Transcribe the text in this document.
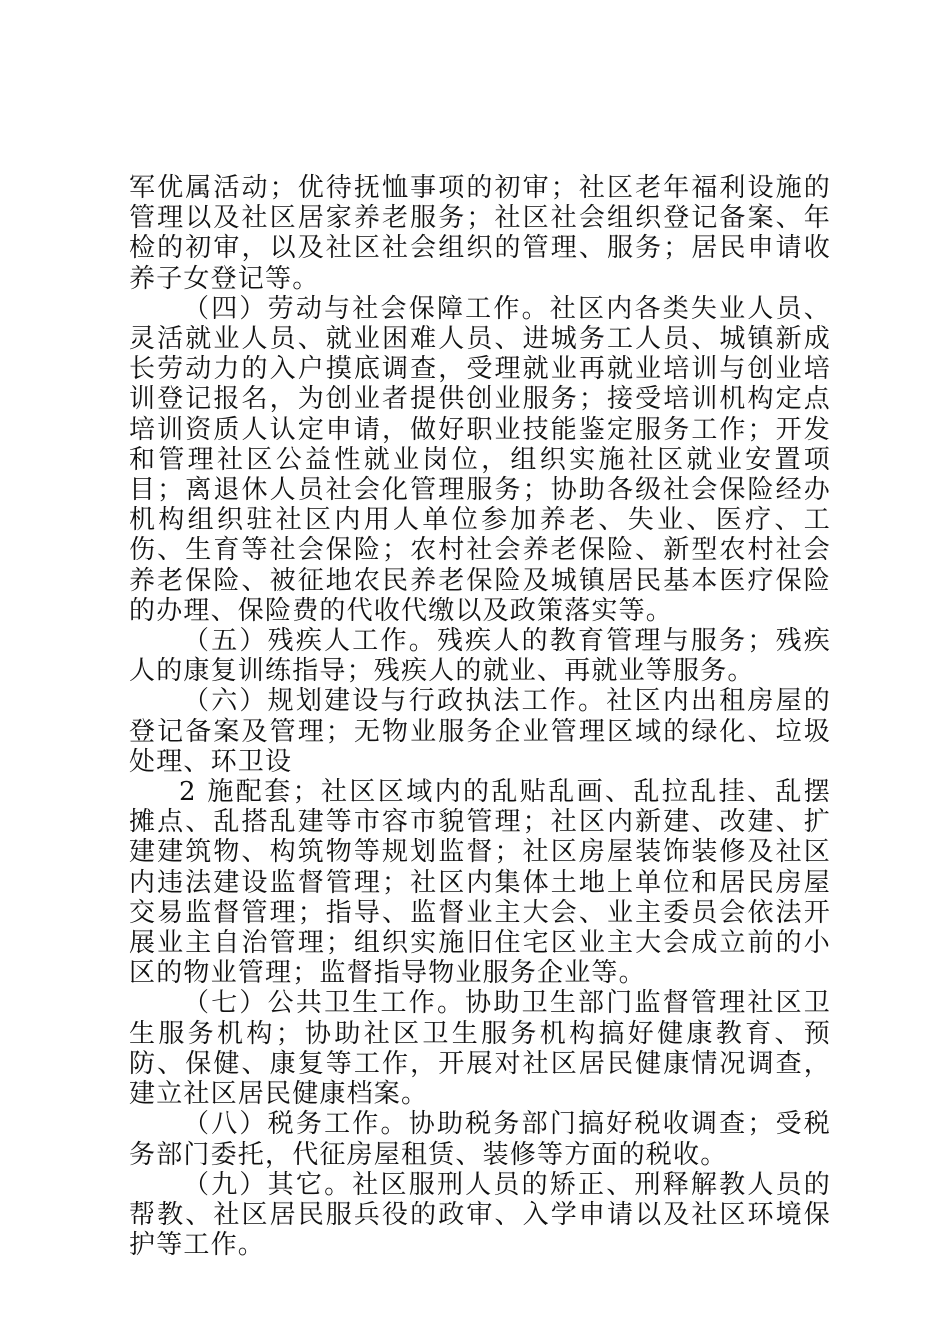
军优属活动；优待抚恤事项的初审；社区老年福利设施的管理以及社区居家养老服务；社区社会组织登记备案、年检的初审，以及社区社会组织的管理、服务；居民申请收养子女登记等。

（四）劳动与社会保障工作。社区内各类失业人员、灵活就业人员、就业困难人员、进城务工人员、城镇新成长劳动力的入户摸底调查，受理就业再就业培训与创业培训登记报名，为创业者提供创业服务；接受培训机构定点培训资质人认定申请，做好职业技能鉴定服务工作；开发和管理社区公益性就业岗位，组织实施社区就业安置项目；离退休人员社会化管理服务；协助各级社会保险经办机构组织驻社区内用人单位参加养老、失业、医疗、工伤、生育等社会保险；农村社会养老保险、新型农村社会养老保险、被征地农民养老保险及城镇居民基本医疗保险的办理、保险费的代收代缴以及政策落实等。

（五）残疾人工作。残疾人的教育管理与服务；残疾人的康复训练指导；残疾人的就业、再就业等服务。

（六）规划建设与行政执法工作。社区内出租房屋的登记备案及管理；无物业服务企业管理区域的绿化、垃圾处理、环卫设

2 施配套；社区区域内的乱贴乱画、乱拉乱挂、乱摆摊点、乱搭乱建等市容市貌管理；社区内新建、改建、扩建建筑物、构筑物等规划监督；社区房屋装饰装修及社区内违法建设监督管理；社区内集体土地上单位和居民房屋交易监督管理；指导、监督业主大会、业主委员会依法开展业主自治管理；组织实施旧住宅区业主大会成立前的小区的物业管理；监督指导物业服务企业等。

（七）公共卫生工作。协助卫生部门监督管理社区卫生服务机构；协助社区卫生服务机构搞好健康教育、预防、保健、康复等工作，开展对社区居民健康情况调查，建立社区居民健康档案。

（八）税务工作。协助税务部门搞好税收调查；受税务部门委托，代征房屋租赁、装修等方面的税收。

（九）其它。社区服刑人员的矫正、刑释解教人员的帮教、社区居民服兵役的政审、入学申请以及社区环境保护等工作。
